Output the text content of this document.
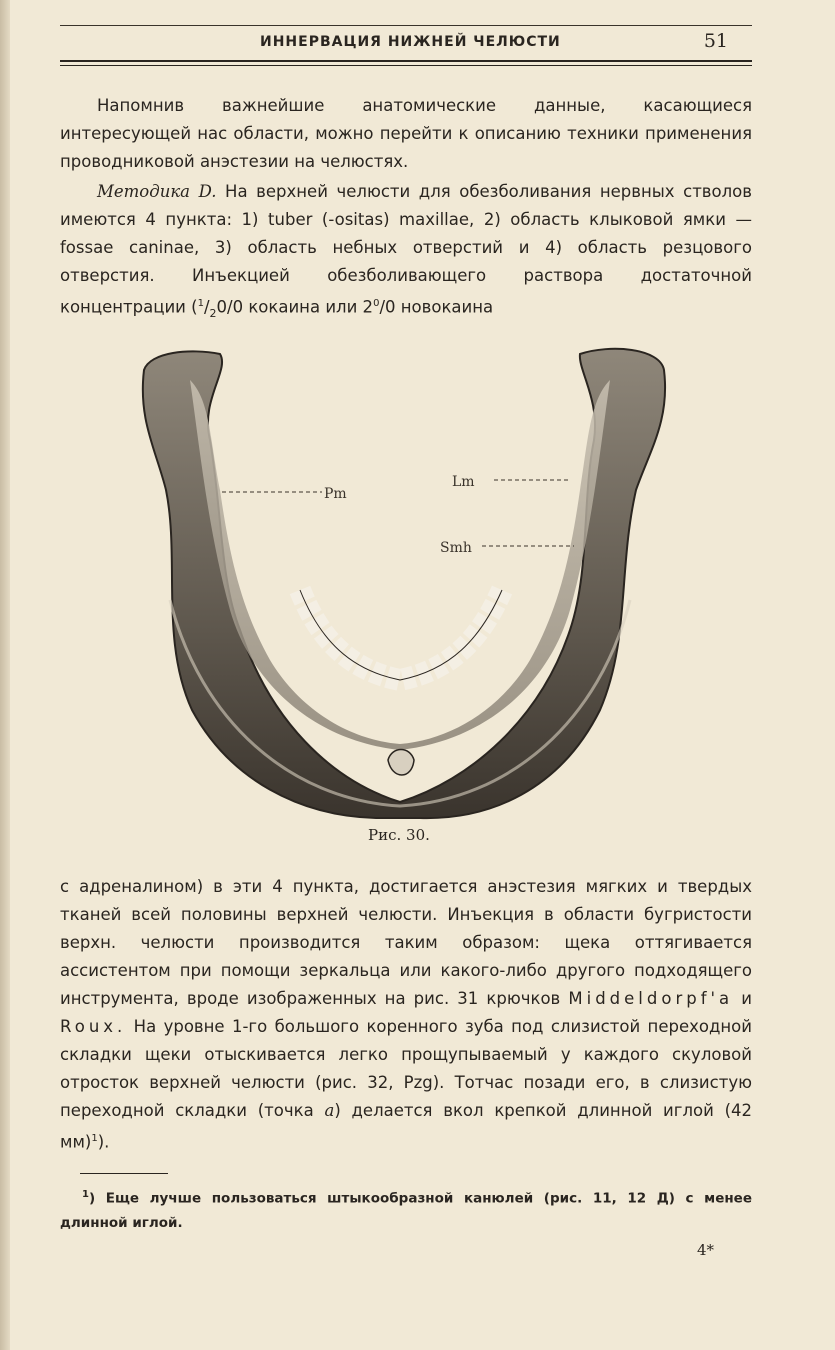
ИННЕРВАЦИЯ НИЖНЕЙ ЧЕЛЮСТИ	51

Напомнив важнейшие анатомические данные, касающиеся интересующей нас области, можно перейти к описанию техники применения проводниковой анэстезии на челюстях.

Методика D. На верхней челюсти для обезболивания нервных стволов имеются 4 пункта: 1) tuber (-ositas) maxillae, 2) область клыковой ямки — fossae caninae, 3) область небных отверстий и 4) область резцового отверстия. Инъекцией обезболивающего раствора достаточной концентрации ($^1/_20/0$ кокаина или $2^0/0$ новокаина

Pm
Lm
Smh
Рис. 30.

с адреналином) в эти 4 пункта, достигается анэстезия мягких и твердых тканей всей половины верхней челюсти. Инъекция в области бугристости верхн. челюсти производится таким образом: щека оттягивается ассистентом при помощи зеркальца или какого-либо другого подходящего инструмента, вроде изображенных на рис. 31 крючков Middeldorpf'a и Roux. На уровне 1-го большого коренного зуба под слизистой переходной складки щеки отыскивается легко прощупываемый у каждого скуловой отросток верхней челюсти (рис. 32, Pzg). Тотчас позади его, в слизистую переходной складки (точка a) делается вкол крепкой длинной иглой (42 мм)$^1$).

$^1$) Еще лучше пользоваться штыкообразной канюлей (рис. 11, 12 Д) с менее длинной иглой.

4*
